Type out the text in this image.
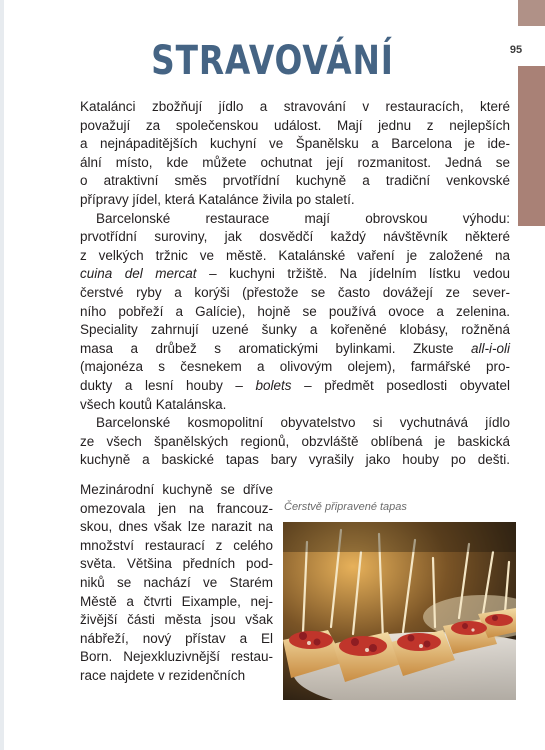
95
STRAVOVÁNÍ

Katalánci zbožňují jídlo a stravování v restauracích, které
považují za společenskou událost. Mají jednu z nejlepších
a nejnápaditějších kuchyní ve Španělsku a Barcelona je ide-
ální místo, kde můžete ochutnat její rozmanitost. Jedná se
o atraktivní směs prvotřídní kuchyně a tradiční venkovské
přípravy jídel, která Katalánce živila po staletí.

Barcelonské restaurace mají obrovskou výhodu:
prvotřídní suroviny, jak dosvědčí každý návštěvník některé
z velkých tržnic ve městě. Katalánské vaření je založené na
cuina del mercat – kuchyni tržiště. Na jídelním lístku vedou
čerstvé ryby a korýši (přestože se často dovážejí ze sever-
ního pobřeží a Galície), hojně se používá ovoce a zelenina.
Speciality zahrnují uzené šunky a kořeněné klobásy, rožněná
masa a drůbež s aromatickými bylinkami. Zkuste all-i-oli
(majonéza s česnekem a olivovým olejem), farmářské pro-
dukty a lesní houby – bolets – předmět posedlosti obyvatel
všech koutů Katalánska.

Barcelonské kosmopolitní obyvatelstvo si vychutnává jídlo
ze všech španělských regionů, obzvláště oblíbená je baskická
kuchyně a baskické tapas bary vyrašily jako houby po dešti.

Mezinárodní kuchyně se dříve
omezovala jen na francouz-
skou, dnes však lze narazit na
množství restaurací z celého
světa. Většina předních pod-
niků se nachází ve Starém
Městě a čtvrti Eixample, nej-
živější části města jsou však
nábřeží, nový přístav a El
Born. Nejexkluzivnější restau-
race najdete v rezidenčních
Čerstvě připravené tapas
